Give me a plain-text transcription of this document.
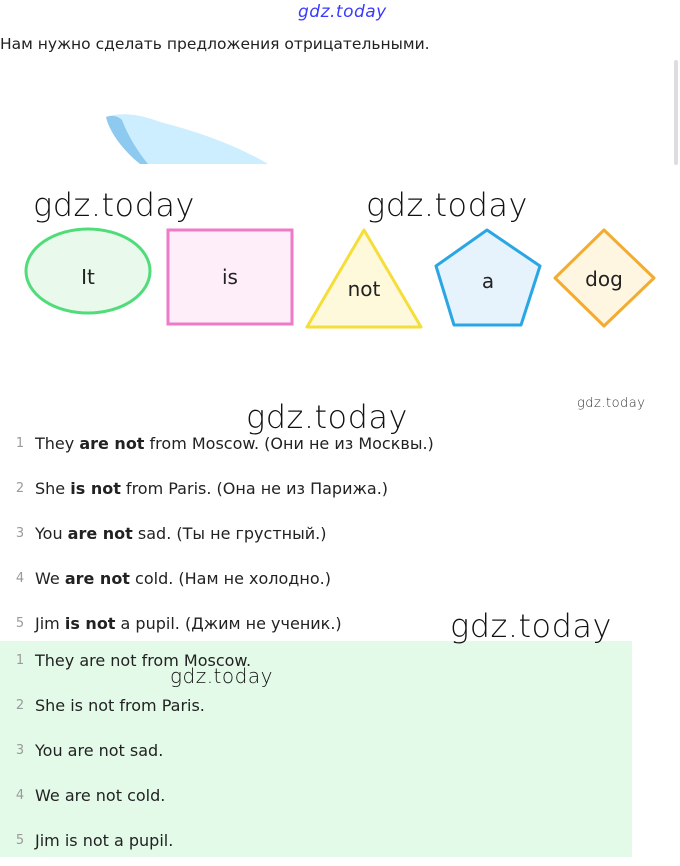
gdz.today
Нам нужно сделать предложения отрицательными.
gdz.today	gdz.today
It	is	not	a	dog
gdz.today	gdz.today
1 They are not from Moscow. (Они не из Москвы.)
2 She is not from Paris. (Она не из Парижа.)
3 You are not sad. (Ты не грустный.)
4 We are not cold. (Нам не холодно.)
5 Jim is not a pupil. (Джим не ученик.)
1 They are not from Moscow.
2 She is not from Paris.
3 You are not sad.
4 We are not cold.
5 Jim is not a pupil.
gdz.today
gdz.today
